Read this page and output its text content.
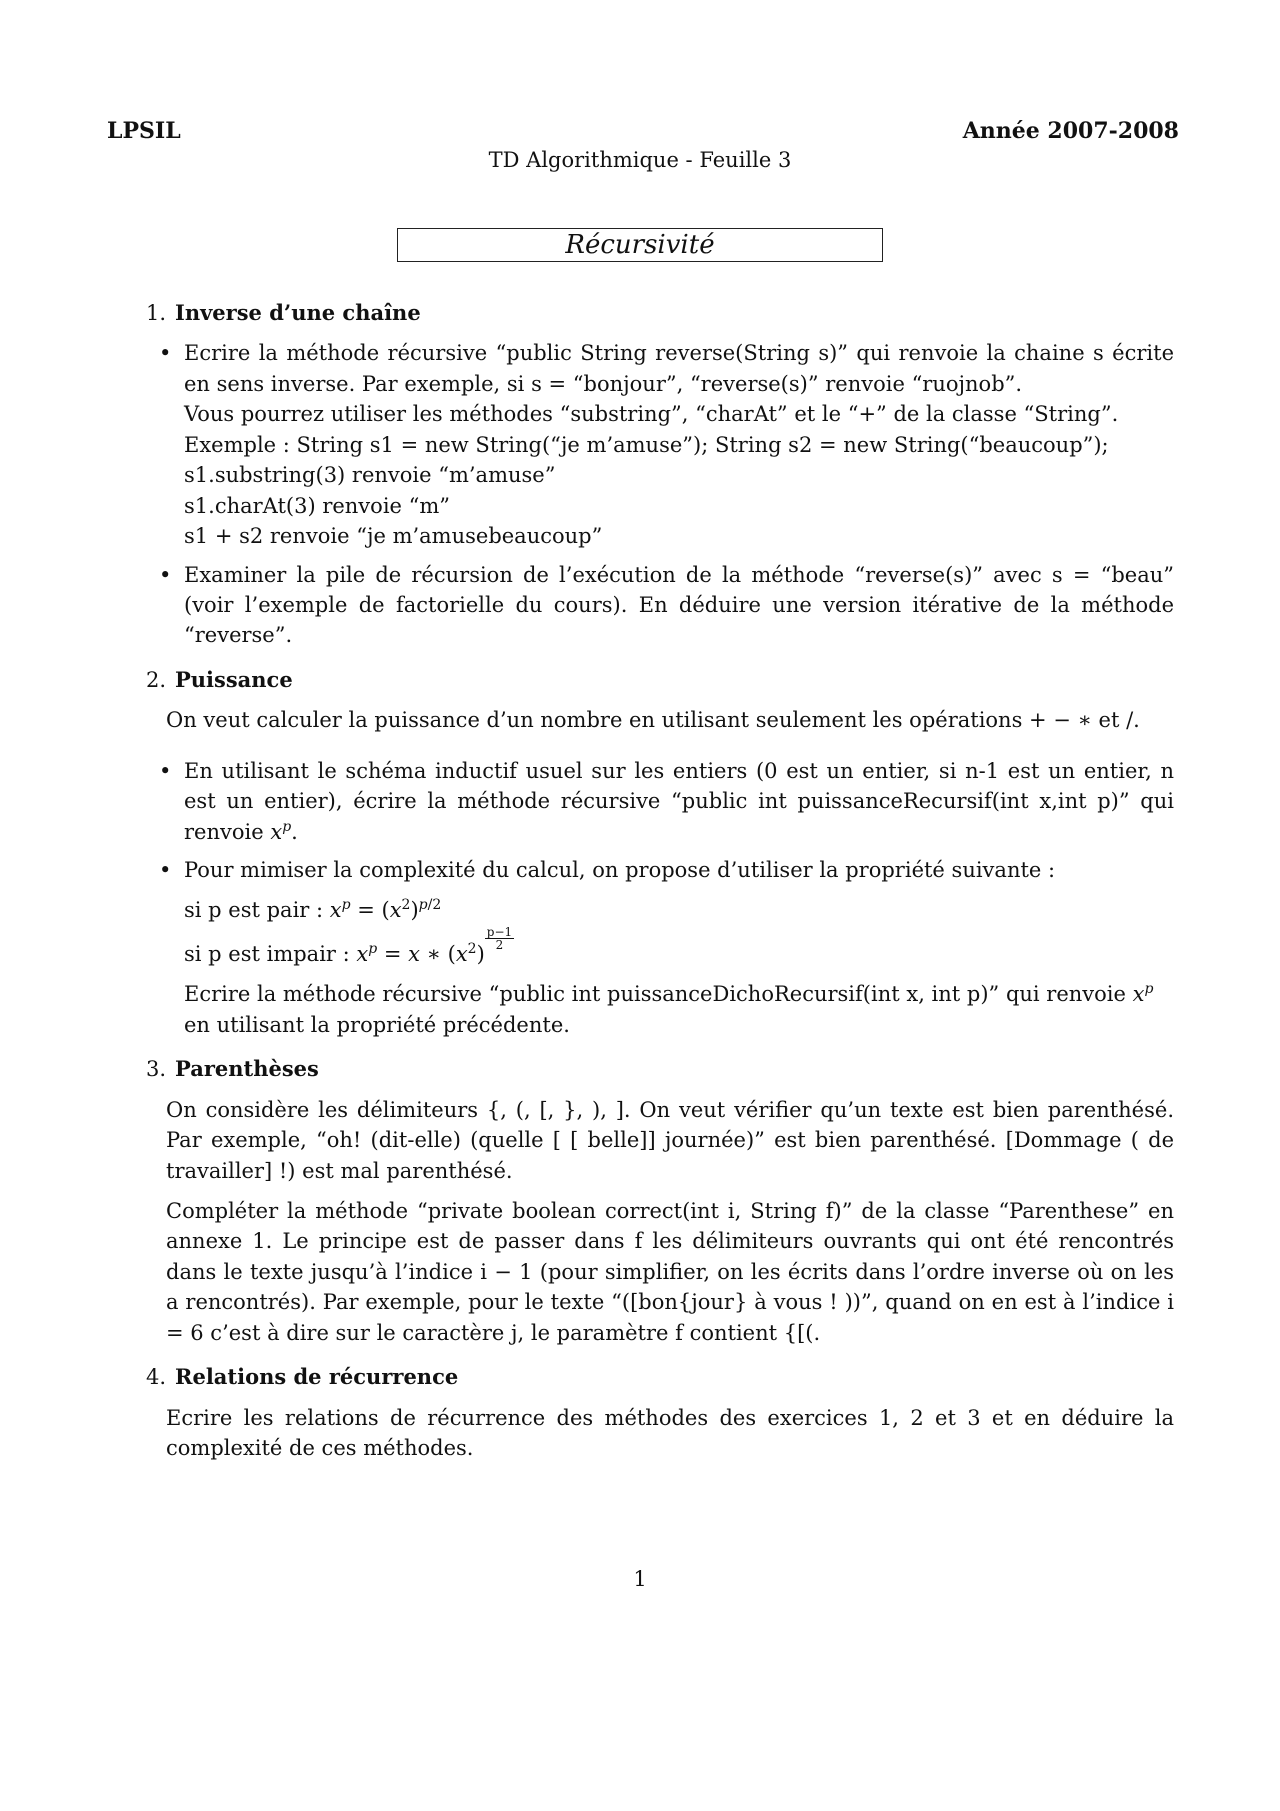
LPSIL	Année 2007-2008
TD Algorithmique - Feuille 3
Récursivité
1. Inverse d’une chaîne
• Ecrire la méthode récursive “public String reverse(String s)” qui renvoie la chaine s écrite en sens inverse. Par exemple, si s = “bonjour”, “reverse(s)” renvoie “ruojnob”.
Vous pourrez utiliser les méthodes “substring”, “charAt” et le “+” de la classe “String”.
Exemple : String s1 = new String(“je m’amuse”); String s2 = new String(“beaucoup”);
s1.substring(3) renvoie “m’amuse”
s1.charAt(3) renvoie “m”
s1 + s2 renvoie “je m’amusebeaucoup”
• Examiner la pile de récursion de l’exécution de la méthode “reverse(s)” avec s = “beau” (voir l’exemple de factorielle du cours). En déduire une version itérative de la méthode “reverse”.
2. Puissance

On veut calculer la puissance d’un nombre en utilisant seulement les opérations + − ∗ et /.

• En utilisant le schéma inductif usuel sur les entiers (0 est un entier, si n-1 est un entier, n est un entier), écrire la méthode récursive “public int puissanceRecursif(int x,int p)” qui renvoie $x^p$.
• Pour mimiser la complexité du calcul, on propose d’utiliser la propriété suivante :
si p est pair : $x^p = (x^2)^{p/2}$
si p est impair : $x^p = x$ ∗ $(x^2)$
$\frac{p-1}{2}$
Ecrire la méthode récursive “public int puissanceDichoRecursif(int x, int p)” qui renvoie $x^p$
en utilisant la propriété précédente.
3. Parenthèses

On considère les délimiteurs {, (, [, }, ), ]. On veut vérifier qu’un texte est bien parenthésé. Par exemple, “oh! (dit-elle) (quelle [ [ belle]] journée)” est bien parenthésé. [Dommage ( de travailler] !) est mal parenthésé.

Compléter la méthode “private boolean correct(int i, String f)” de la classe “Parenthese” en annexe 1. Le principe est de passer dans f les délimiteurs ouvrants qui ont été rencontrés dans le texte jusqu’à l’indice i − 1 (pour simplifier, on les écrits dans l’ordre inverse où on les a rencontrés). Par exemple, pour le texte “([bon{jour} à vous ! ))”, quand on en est à l’indice i = 6 c’est à dire sur le caractère j, le paramètre f contient {[(.

4. Relations de récurrence

Ecrire les relations de récurrence des méthodes des exercices 1, 2 et 3 et en déduire la complexité de ces méthodes.

1
